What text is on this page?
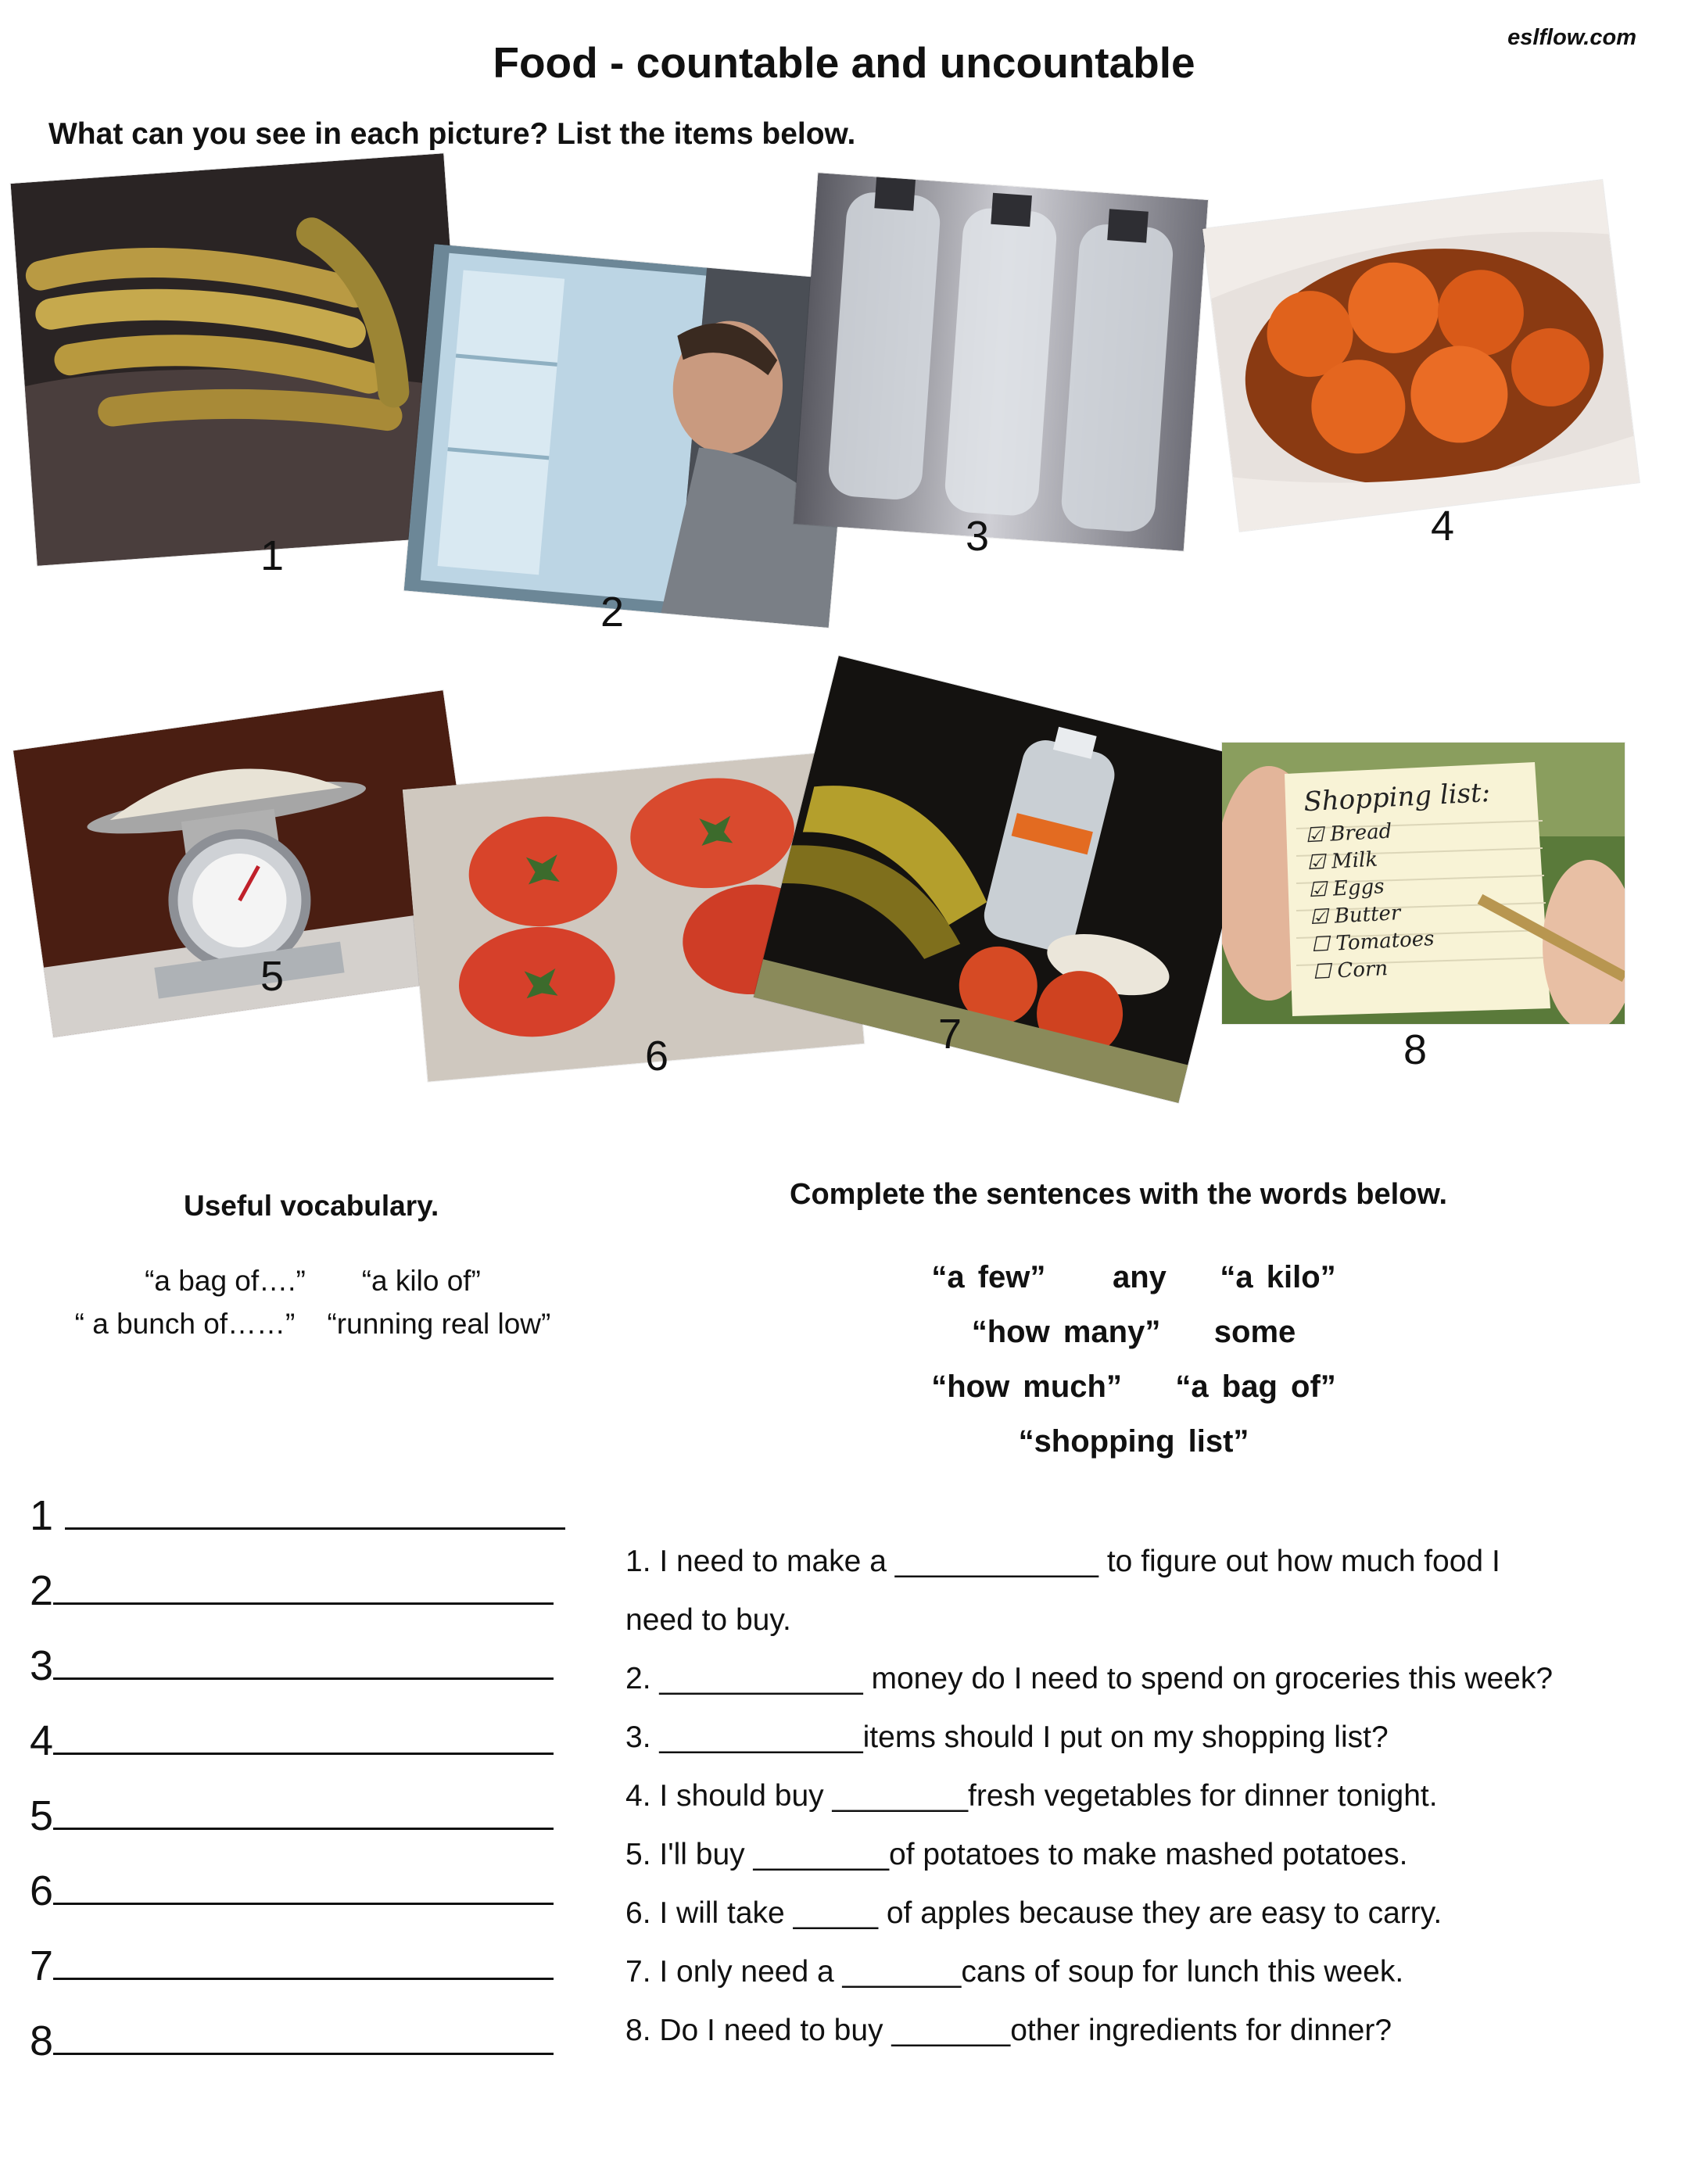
eslflow.com
Food - countable and uncountable
What can you see in each picture? List the items below.
1
2
3	4
5
6	7
Shopping list:
☑ Bread
☑ Milk
☑ Eggs
☑ Butter
☐ Tomatoes
☐ Corn
8
Useful vocabulary.
“a bag of….”       “a kilo of”
“ a bunch of……”    “running real low”
Complete the sentences with the words below.
“a few”     any    “a kilo”
“how many”    some
“how much”    “a bag of”
“shopping list”
1
2
3
4
5
6
7
8
1. I need to make a ____________ to figure out how much food I
need to buy.
2. ____________ money do I need to spend on groceries this week?
3. ____________items should I put on my shopping list?
4. I should buy ________fresh vegetables for dinner tonight.
5. I'll buy ________of potatoes to make mashed potatoes.
6. I will take _____ of apples because they are easy to carry.
7. I only need a _______cans of soup for lunch this week.
8. Do I need to buy _______other ingredients for dinner?
